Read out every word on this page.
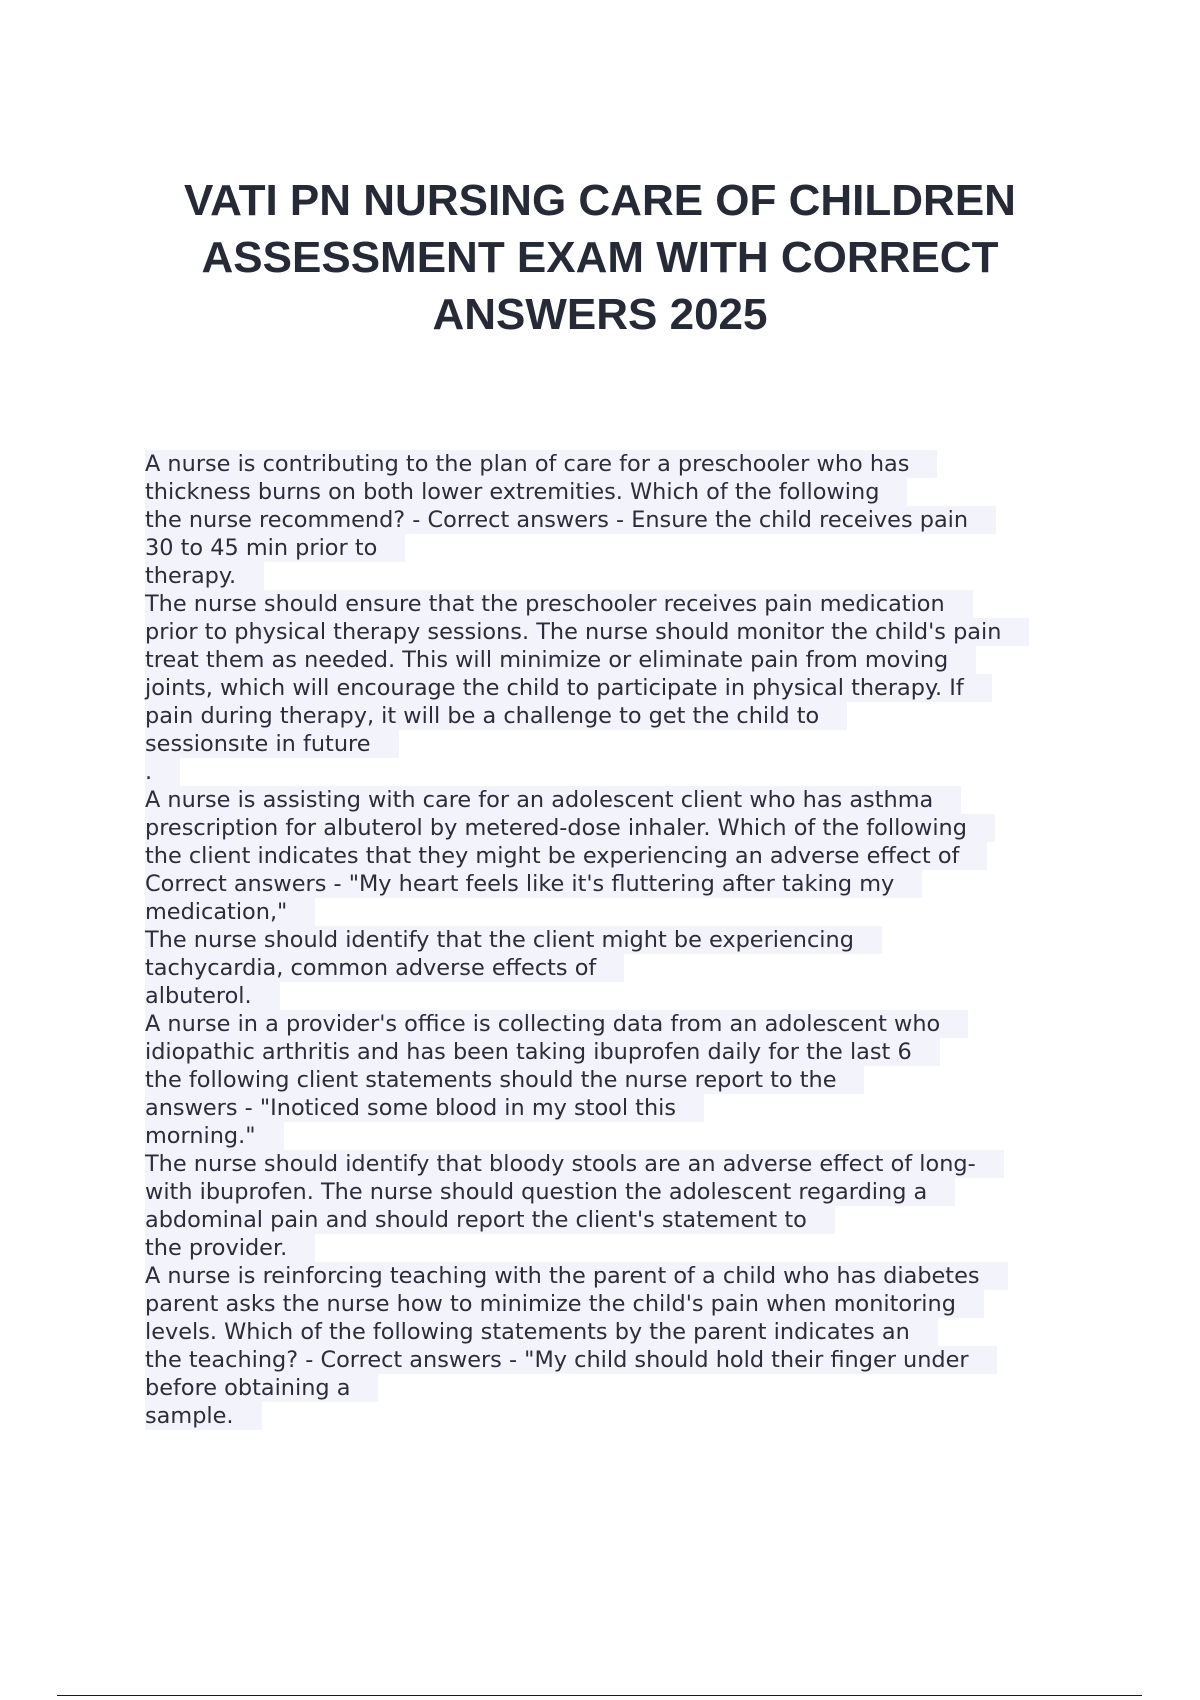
VATI PN NURSING CARE OF CHILDREN
ASSESSMENT EXAM WITH CORRECT
ANSWERS 2025
A nurse is contributing to the plan of care for a preschooler who has
thickness burns on both lower extremities. Which of the following
the nurse recommend? - Correct answers - Ensure the child receives pain
30 to 45 min prior to
therapy.
The nurse should ensure that the preschooler receives pain medication
prior to physical therapy sessions. The nurse should monitor the child's pain
treat them as needed. This will minimize or eliminate pain from moving
joints, which will encourage the child to participate in physical therapy. If
pain during therapy, it will be a challenge to get the child to
sessionsıte in future
.
A nurse is assisting with care for an adolescent client who has asthma
prescription for albuterol by metered-dose inhaler. Which of the following
the client indicates that they might be experiencing an adverse effect of
Correct answers - "My heart feels like it's fluttering after taking my
medication,"
The nurse should identify that the client might be experiencing
tachycardia, common adverse effects of
albuterol.
A nurse in a provider's office is collecting data from an adolescent who
idiopathic arthritis and has been taking ibuprofen daily for the last 6
the following client statements should the nurse report to the
answers - "Inoticed some blood in my stool this
morning."
The nurse should identify that bloody stools are an adverse effect of long-
with ibuprofen. The nurse should question the adolescent regarding a
abdominal pain and should report the client's statement to
the provider.
A nurse is reinforcing teaching with the parent of a child who has diabetes
parent asks the nurse how to minimize the child's pain when monitoring
levels. Which of the following statements by the parent indicates an
the teaching? - Correct answers - "My child should hold their finger under
before obtaining a
sample.
